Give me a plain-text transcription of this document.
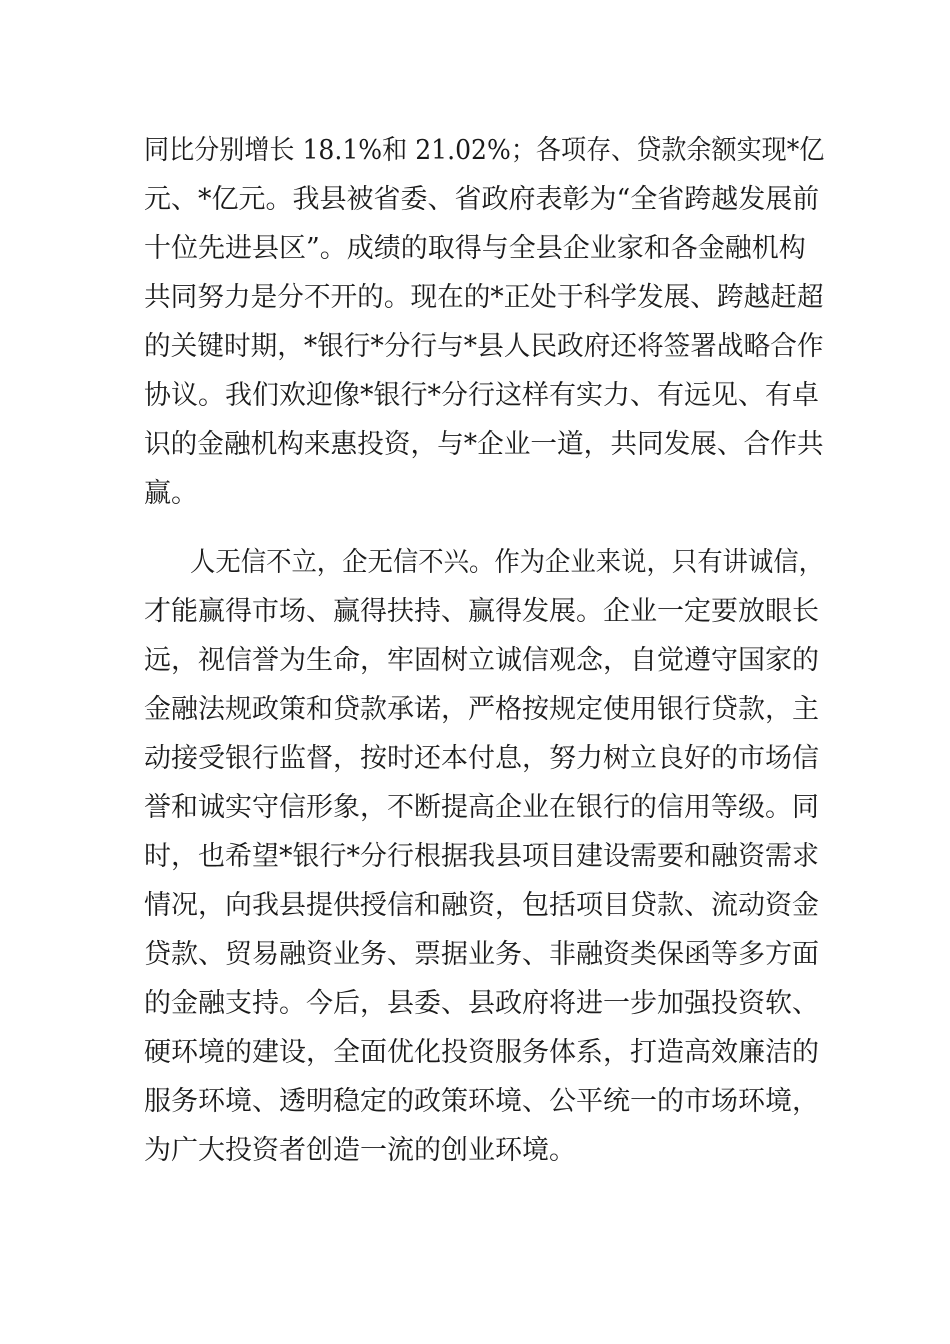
同比分别增长 18.1%和 21.02%；各项存、贷款余额实现*亿
元、*亿元。我县被省委、省政府表彰为“全省跨越发展前
十位先进县区”。成绩的取得与全县企业家和各金融机构
共同努力是分不开的。现在的*正处于科学发展、跨越赶超
的关键时期，*银行*分行与*县人民政府还将签署战略合作
协议。我们欢迎像*银行*分行这样有实力、有远见、有卓
识的金融机构来惠投资，与*企业一道，共同发展、合作共
赢。
人无信不立，企无信不兴。作为企业来说，只有讲诚信，
才能赢得市场、赢得扶持、赢得发展。企业一定要放眼长
远，视信誉为生命，牢固树立诚信观念，自觉遵守国家的
金融法规政策和贷款承诺，严格按规定使用银行贷款，主
动接受银行监督，按时还本付息，努力树立良好的市场信
誉和诚实守信形象，不断提高企业在银行的信用等级。同
时，也希望*银行*分行根据我县项目建设需要和融资需求
情况，向我县提供授信和融资，包括项目贷款、流动资金
贷款、贸易融资业务、票据业务、非融资类保函等多方面
的金融支持。今后，县委、县政府将进一步加强投资软、
硬环境的建设，全面优化投资服务体系，打造高效廉洁的
服务环境、透明稳定的政策环境、公平统一的市场环境，
为广大投资者创造一流的创业环境。
